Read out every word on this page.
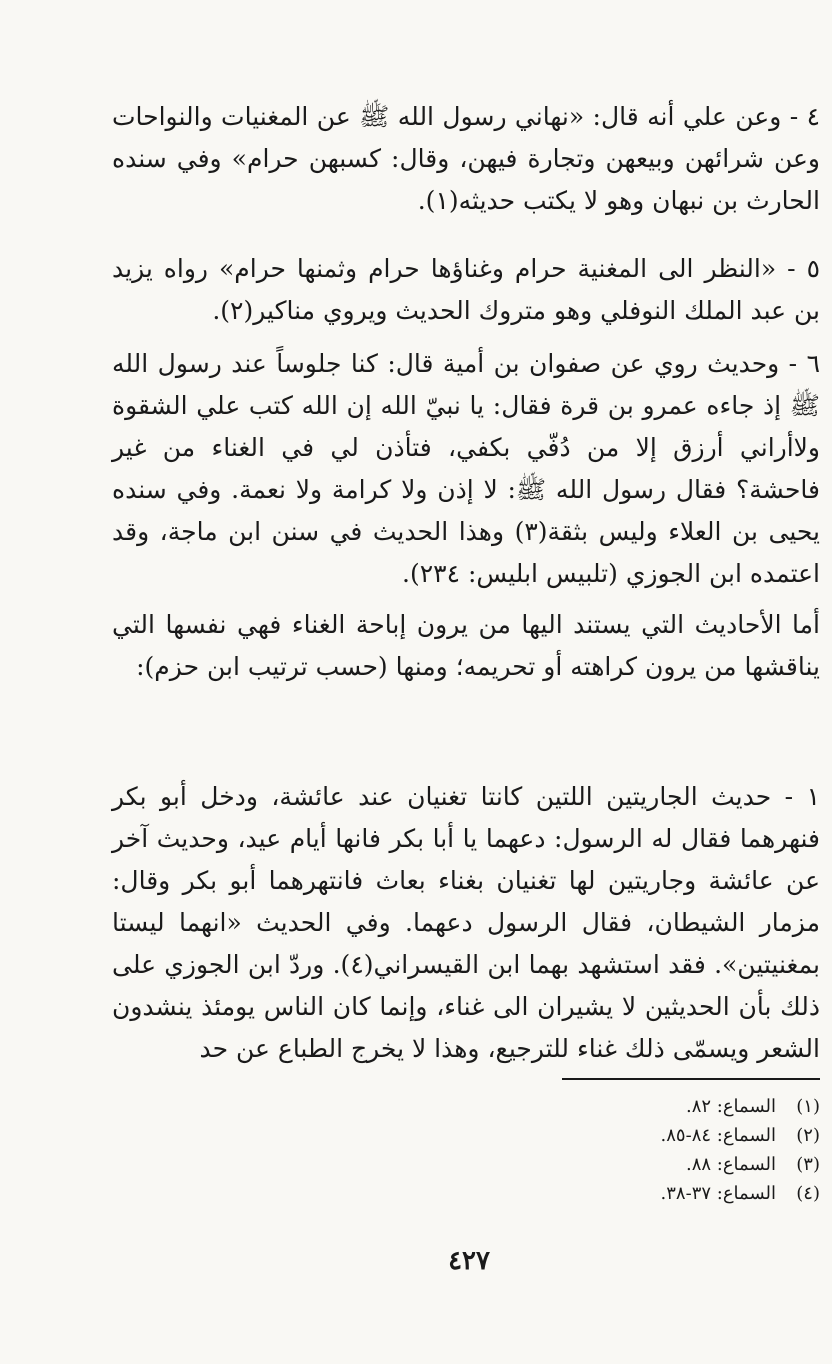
٤ - وعن علي أنه قال: «نهاني رسول الله ﷺ عن المغنيات والنواحات وعن شرائهن وبيعهن وتجارة فيهن، وقال: كسبهن حرام» وفي سنده الحارث بن نبهان وهو لا يكتب حديثه(١).

٥ - «النظر الى المغنية حرام وغناؤها حرام وثمنها حرام» رواه يزيد بن عبد الملك النوفلي وهو متروك الحديث ويروي مناكير(٢).

٦ - وحديث روي عن صفوان بن أمية قال: كنا جلوساً عند رسول الله ﷺ إذ جاءه عمرو بن قرة فقال: يا نبيّ الله إن الله كتب علي الشقوة ولاأراني أرزق إلا من دُفّي بكفي، فتأذن لي في الغناء من غير فاحشة؟ فقال رسول الله ﷺ: لا إذن ولا كرامة ولا نعمة. وفي سنده يحيى بن العلاء وليس بثقة(٣) وهذا الحديث في سنن ابن ماجة، وقد اعتمده ابن الجوزي (تلبيس ابليس: ٢٣٤).

أما الأحاديث التي يستند اليها من يرون إباحة الغناء فهي نفسها التي يناقشها من يرون كراهته أو تحريمه؛ ومنها (حسب ترتيب ابن حزم):

١ - حديث الجاريتين اللتين كانتا تغنيان عند عائشة، ودخل أبو بكر فنهرهما فقال له الرسول: دعهما يا أبا بكر فانها أيام عيد، وحديث آخر عن عائشة وجاريتين لها تغنيان بغناء بعاث فانتهرهما أبو بكر وقال: مزمار الشيطان، فقال الرسول دعهما. وفي الحديث «انهما ليستا بمغنيتين». فقد استشهد بهما ابن القيسراني(٤). وردّ ابن الجوزي على ذلك بأن الحديثين لا يشيران الى غناء، وإنما كان الناس يومئذ ينشدون الشعر ويسمّى ذلك غناء للترجيع، وهذا لا يخرج الطباع عن حد

(١)السماع: ٨٢.
(٢)السماع: ٨٤-٨٥.
(٣)السماع: ٨٨.
(٤)السماع: ٣٧-٣٨.
٤٢٧
